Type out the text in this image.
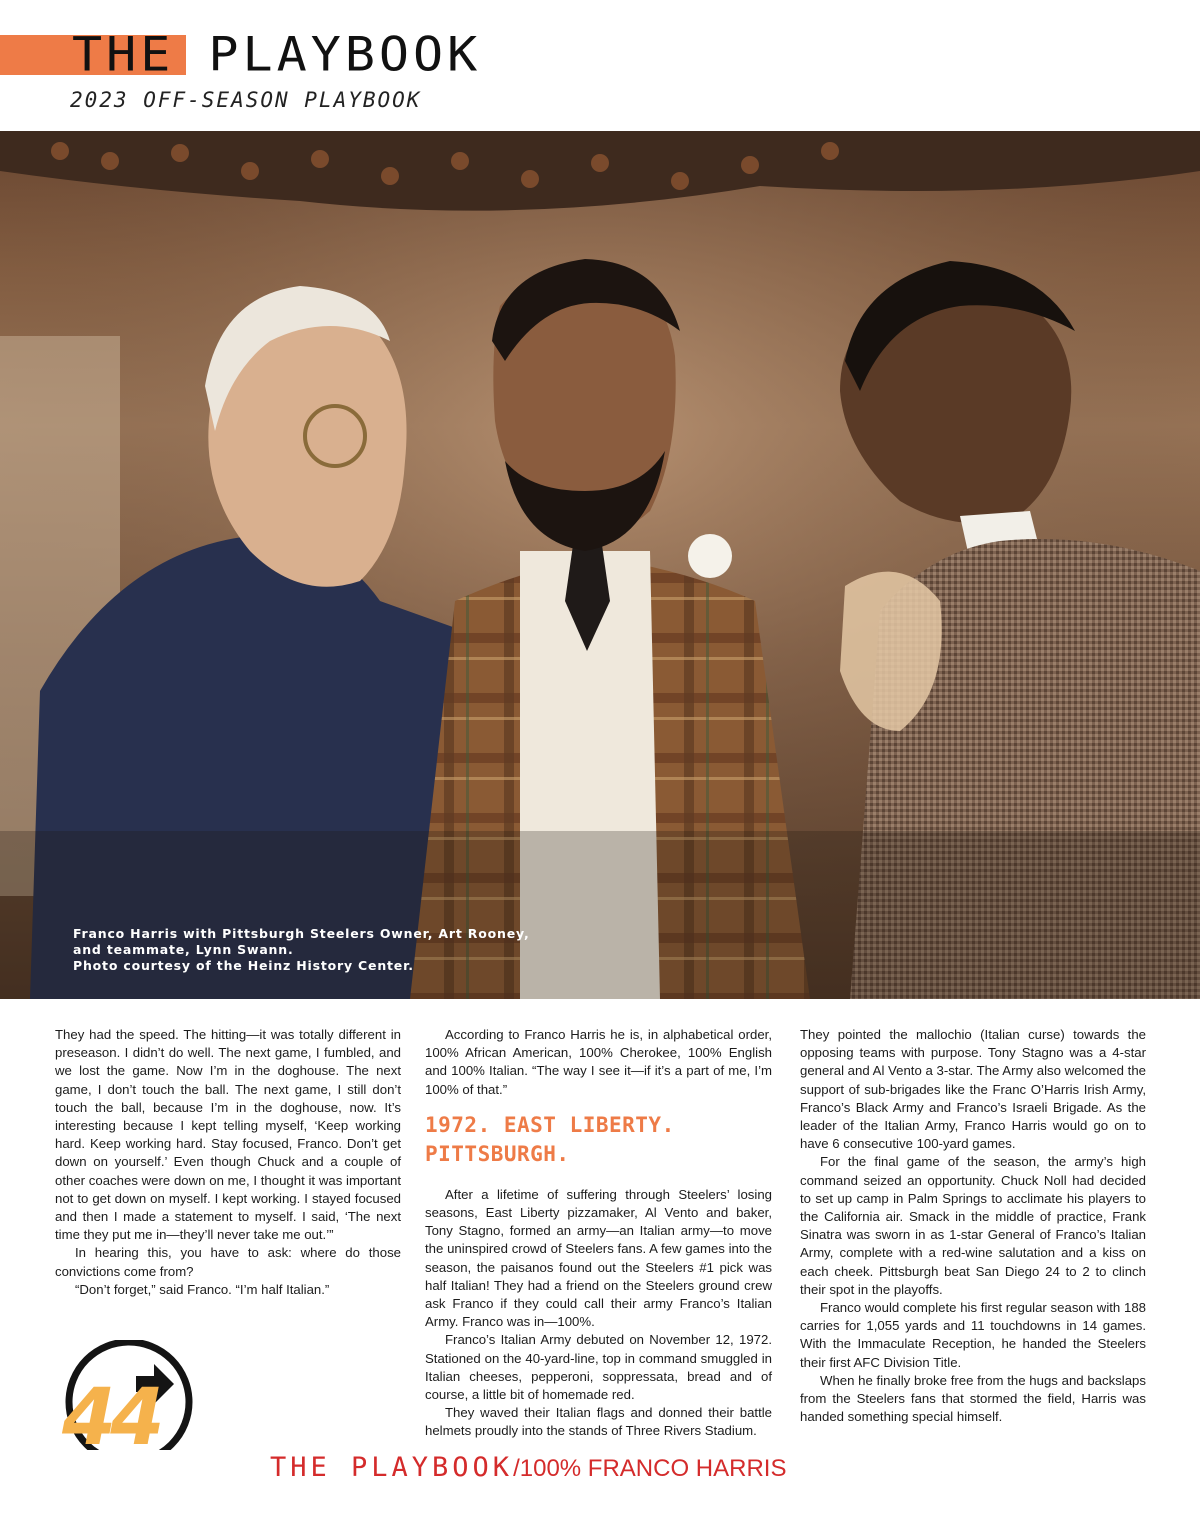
THE PLAYBOOK
2023 OFF-SEASON PLAYBOOK

Franco Harris with Pittsburgh Steelers Owner, Art Rooney,
and teammate, Lynn Swann.
Photo courtesy of the Heinz History Center.

They had the speed. The hitting—it was totally different in preseason. I didn’t do well. The next game, I fumbled, and we lost the game. Now I’m in the doghouse. The next game, I don’t touch the ball. The next game, I still don’t touch the ball, because I’m in the doghouse, now. It’s interesting because I kept telling myself, ‘Keep working hard. Keep working hard. Stay focused, Franco. Don’t get down on yourself.’ Even though Chuck and a couple of other coaches were down on me, I thought it was important not to get down on myself. I kept working. I stayed focused and then I made a statement to myself. I said, ‘The next time they put me in—they’ll never take me out.’”

In hearing this, you have to ask: where do those convictions come from?

“Don’t forget,” said Franco. “I’m half Italian.”

According to Franco Harris he is, in alphabetical order, 100% African American, 100% Cherokee, 100% English and 100% Italian. “The way I see it—if it’s a part of me, I’m 100% of that.”

1972. EAST LIBERTY.
PITTSBURGH.

After a lifetime of suffering through Steelers’ losing seasons, East Liberty pizzamaker, Al Vento and baker, Tony Stagno, formed an army—an Italian army—to move the uninspired crowd of Steelers fans. A few games into the season, the paisanos found out the Steelers #1 pick was half Italian! They had a friend on the Steelers ground crew ask Franco if they could call their army Franco’s Italian Army. Franco was in—100%.

Franco’s Italian Army debuted on November 12, 1972. Stationed on the 40-yard-line, top in command smuggled in Italian cheeses, pepperoni, soppressata, bread and of course, a little bit of homemade red.

They waved their Italian flags and donned their battle helmets proudly into the stands of Three Rivers Stadium.

They pointed the mallochio (Italian curse) towards the opposing teams with purpose. Tony Stagno was a 4-star general and Al Vento a 3-star. The Army also welcomed the support of sub-brigades like the Franc O’Harris Irish Army, Franco’s Black Army and Franco’s Israeli Brigade. As the leader of the Italian Army, Franco Harris would go on to have 6 consecutive 100-yard games.

For the final game of the season, the army’s high command seized an opportunity. Chuck Noll had decided to set up camp in Palm Springs to acclimate his players to the California air. Smack in the middle of practice, Frank Sinatra was sworn in as 1-star General of Franco’s Italian Army, complete with a red-wine salutation and a kiss on each cheek. Pittsburgh beat San Diego 24 to 2 to clinch their spot in the playoffs.

Franco would complete his first regular season with 188 carries for 1,055 yards and 11 touchdowns in 14 games. With the Immaculate Reception, he handed the Steelers their first AFC Division Title.

When he finally broke free from the hugs and backslaps from the Steelers fans that stormed the field, Harris was handed something special himself.

44
THE PLAYBOOK/100% FRANCO HARRIS
